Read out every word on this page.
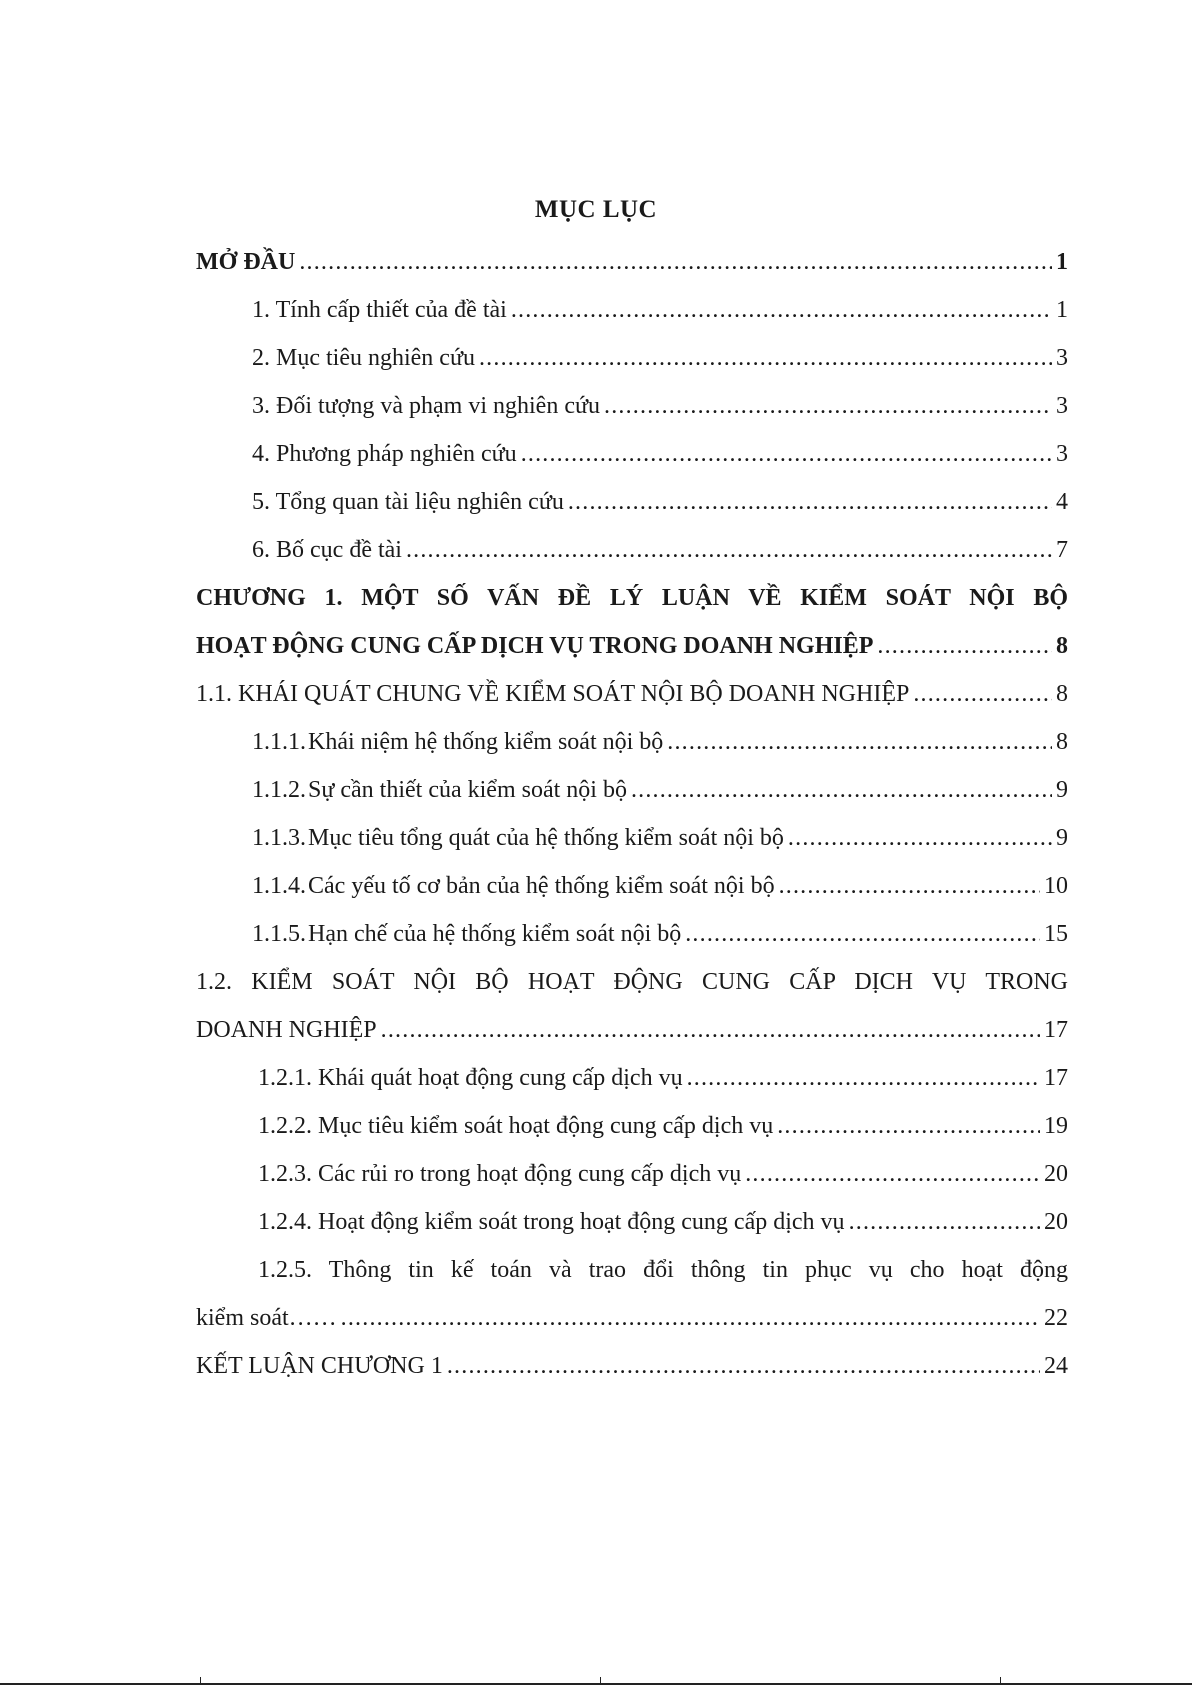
MỤC LỤC
MỞ ĐẦU .....	1
1. Tính cấp thiết của đề tài .....	1
2. Mục tiêu nghiên cứu .....	3
3. Đối tượng và phạm vi nghiên cứu .....	3
4. Phương pháp nghiên cứu .....	3
5. Tổng quan tài liệu nghiên cứu .....	4
6. Bố cục đề tài .....	7
CHƯƠNG 1. MỘT SỐ VẤN ĐỀ LÝ LUẬN VỀ KIỂM SOÁT NỘI BỘ
HOẠT ĐỘNG CUNG CẤP DỊCH VỤ TRONG DOANH NGHIỆP .....	8
1.1. KHÁI QUÁT CHUNG VỀ KIỂM SOÁT NỘI BỘ DOANH NGHIỆP .....	8
1.1.1.Khái niệm hệ thống kiểm soát nội bộ .....	8
1.1.2.Sự cần thiết của kiểm soát nội bộ .....	9
1.1.3.Mục tiêu tổng quát của hệ thống kiểm soát nội bộ .....	9
1.1.4.Các yếu tố cơ bản của hệ thống kiểm soát nội bộ .....	10
1.1.5.Hạn chế của hệ thống kiểm soát nội bộ .....	15
1.2. KIỂM SOÁT NỘI BỘ HOẠT ĐỘNG CUNG CẤP DỊCH VỤ TRONG
DOANH NGHIỆP .....	17
1.2.1. Khái quát hoạt động cung cấp dịch vụ .....	17
1.2.2. Mục tiêu kiểm soát hoạt động cung cấp dịch vụ .....	19
1.2.3. Các rủi ro trong hoạt động cung cấp dịch vụ .....	20
1.2.4. Hoạt động kiểm soát trong hoạt động cung cấp dịch vụ .....	20
1.2.5. Thông tin kế toán và trao đổi thông tin phục vụ cho hoạt động
kiểm soát…… .....	22
KẾT LUẬN CHƯƠNG 1 .....	24
